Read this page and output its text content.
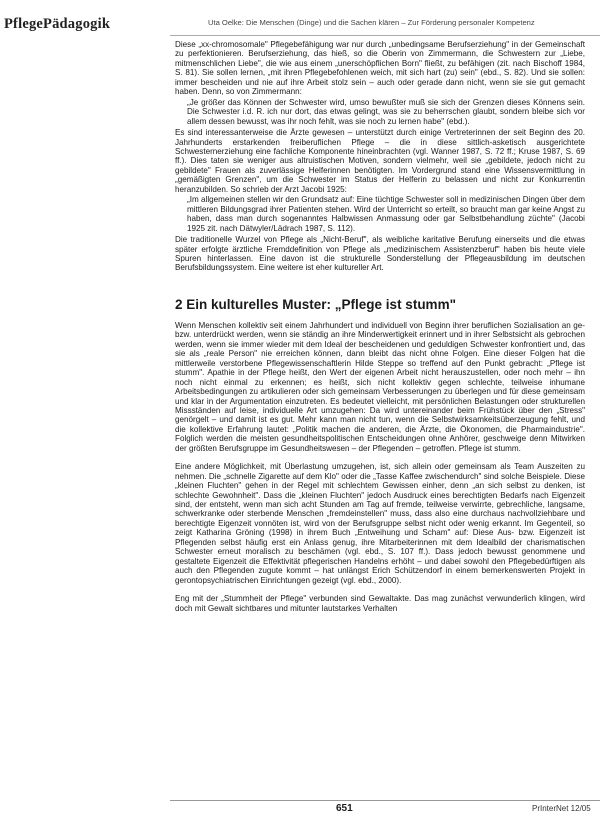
PflegePädagogik	Uta Oelke: Die Menschen (Dinge) und die Sachen klären – Zur Förderung personaler Kompetenz

Diese „xx-chromosomale" Pflegebefähigung war nur durch „unbedingsame Berufserziehung" in der Gemeinschaft zu perfektionieren. Berufserziehung, das hieß, so die Oberin von Zimmermann, die Schwestern zur „Liebe, mitmenschlichen Liebe", die wie aus einem „unerschöpflichen Born" fließt, zu befähigen (zit. nach Bischoff 1984, S. 81). Sie sollen lernen, „mit ihren Pflegebefohlenen weich, mit sich hart (zu) sein" (ebd., S. 82). Und sie sollen: immer bescheiden und nie auf ihre Arbeit stolz sein – auch oder gerade dann nicht, wenn sie sie gut gemacht haben. Denn, so von Zimmermann:

„Je größer das Können der Schwester wird, umso bewußter muß sie sich der Grenzen dieses Könnens sein. Die Schwester i.d. R. ich nur dort, das etwas gelingt, was sie zu beherrschen glaubt, sondern bleibe sich vor allem dessen bewusst, was ihr noch fehlt, was sie noch zu lernen habe" (ebd.).

Es sind interessanterweise die Ärzte gewesen – unterstützt durch einige Vertreterinnen der seit Beginn des 20. Jahrhunderts erstarkenden freiberuflichen Pflege – die in diese sittlich-asketisch ausgerichtete Schwesternerziehung eine fachliche Komponente hineinbrachten (vgl. Wanner 1987, S. 72 ff.; Kruse 1987, S. 69 ff.). Dies taten sie weniger aus altruistischen Motiven, sondern vielmehr, weil sie „gebildete, jedoch nicht zu gebildete" Frauen als zuverlässige Helferinnen benötigten. Im Vordergrund stand eine Wissensvermittlung in „gemäßigten Grenzen", um die Schwester im Status der Helferin zu belassen und nicht zur Konkurrentin heranzubilden. So schrieb der Arzt Jacobi 1925:

„Im allgemeinen stellen wir den Grundsatz auf: Eine tüchtige Schwester soll in medizinischen Dingen über dem mittleren Bildungsgrad ihrer Patienten stehen. Wird der Unterricht so erteilt, so braucht man gar keine Angst zu haben, dass man durch sogenanntes Halbwissen Anmassung oder gar Selbstbehandlung züchte" (Jacobi 1925 zit. nach Dätwyler/Lädrach 1987, S. 112).

Die traditionelle Wurzel von Pflege als „Nicht-Beruf", als weibliche karitative Berufung einerseits und die etwas später erfolgte ärztliche Fremddefinition von Pflege als „medizinischem Assistenzberuf" haben bis heute viele Spuren hinterlassen. Eine davon ist die strukturelle Sonderstellung der Pflegeausbildung im deutschen Berufsbildungssystem. Eine weitere ist eher kultureller Art.

2 Ein kulturelles Muster: „Pflege ist stumm"

Wenn Menschen kollektiv seit einem Jahrhundert und individuell von Beginn ihrer beruflichen Sozialisation an ge- bzw. unterdrückt werden, wenn sie ständig an ihre Minderwertigkeit erinnert und in ihrer Selbstsicht als gebrochen werden, wenn sie immer wieder mit dem Ideal der bescheidenen und geduldigen Schwester konfrontiert und, das sie als „reale Person" nie erreichen können, dann bleibt das nicht ohne Folgen. Eine dieser Folgen hat die mittlerweile verstorbene Pflegewissenschaftlerin Hilde Steppe so treffend auf den Punkt gebracht: „Pflege ist stumm". Apathie in der Pflege heißt, den Wert der eigenen Arbeit nicht herauszustellen, oder noch mehr – ihn noch nicht einmal zu erkennen; es heißt, sich nicht kollektiv gegen schlechte, teilweise inhumane Arbeitsbedingungen zu artikulieren oder sich gemeinsam Verbesserungen zu überlegen und für diese gemeinsam und klar in der Argumentation einzutreten. Es bedeutet vielleicht, mit persönlichen Belastungen oder strukturellen Missständen auf leise, individuelle Art umzugehen: Da wird untereinander beim Frühstück über den „Stress" genörgelt – und damit ist es gut. Mehr kann man nicht tun, wenn die Selbstwirksamkeitsüberzeugung fehlt, und die kollektive Erfahrung lautet: „Politik machen die anderen, die Ärzte, die Ökonomen, die Pharmaindustrie". Folglich werden die meisten gesundheitspolitischen Entscheidungen ohne Anhörer, geschweige denn Mitwirken der größten Berufsgruppe im Gesundheitswesen – der Pflegenden – getroffen. Pflege ist stumm.

Eine andere Möglichkeit, mit Überlastung umzugehen, ist, sich allein oder gemeinsam als Team Auszeiten zu nehmen. Die „schnelle Zigarette auf dem Klo" oder die „Tasse Kaffee zwischendurch" sind solche Beispiele. Diese „kleinen Fluchten" gehen in der Regel mit schlechtem Gewissen einher, denn „an sich selbst zu denken, ist schlechte Gewohnheit". Dass die „kleinen Fluchten" jedoch Ausdruck eines berechtigten Bedarfs nach Eigenzeit sind, der entsteht, wenn man sich acht Stunden am Tag auf fremde, teilweise verwirrte, gebrechliche, langsame, schwerkranke oder sterbende Menschen „fremdeinstellen" muss, dass also eine durchaus nachvollziehbare und berechtigte Eigenzeit vonnöten ist, wird von der Berufsgruppe selbst nicht oder wenig erkannt. Im Gegenteil, so zeigt Katharina Gröning (1998) in ihrem Buch „Entweihung und Scham" auf: Diese Aus- bzw. Eigenzeit ist Pflegenden selbst häufig erst ein Anlass genug, ihre Mitarbeiterinnen mit dem Idealbild der charismatischen Schwester erneut moralisch zu beschämen (vgl. ebd., S. 107 ff.). Dass jedoch bewusst genommene und gestaltete Eigenzeit die Effektivität pflegerischen Handelns erhöht – und dabei sowohl den Pflegebedürftigen als auch den Pflegenden zugute kommt – hat unlängst Erich Schützendorf in einem bemerkenswerten Projekt in gerontopsychiatrischen Einrichtungen gezeigt (vgl. ebd., 2000).

Eng mit der „Stummheit der Pflege" verbunden sind Gewaltakte. Das mag zunächst verwunderlich klingen, wird doch mit Gewalt sichtbares und mitunter lautstarkes Verhalten

651	PrInterNet 12/05
